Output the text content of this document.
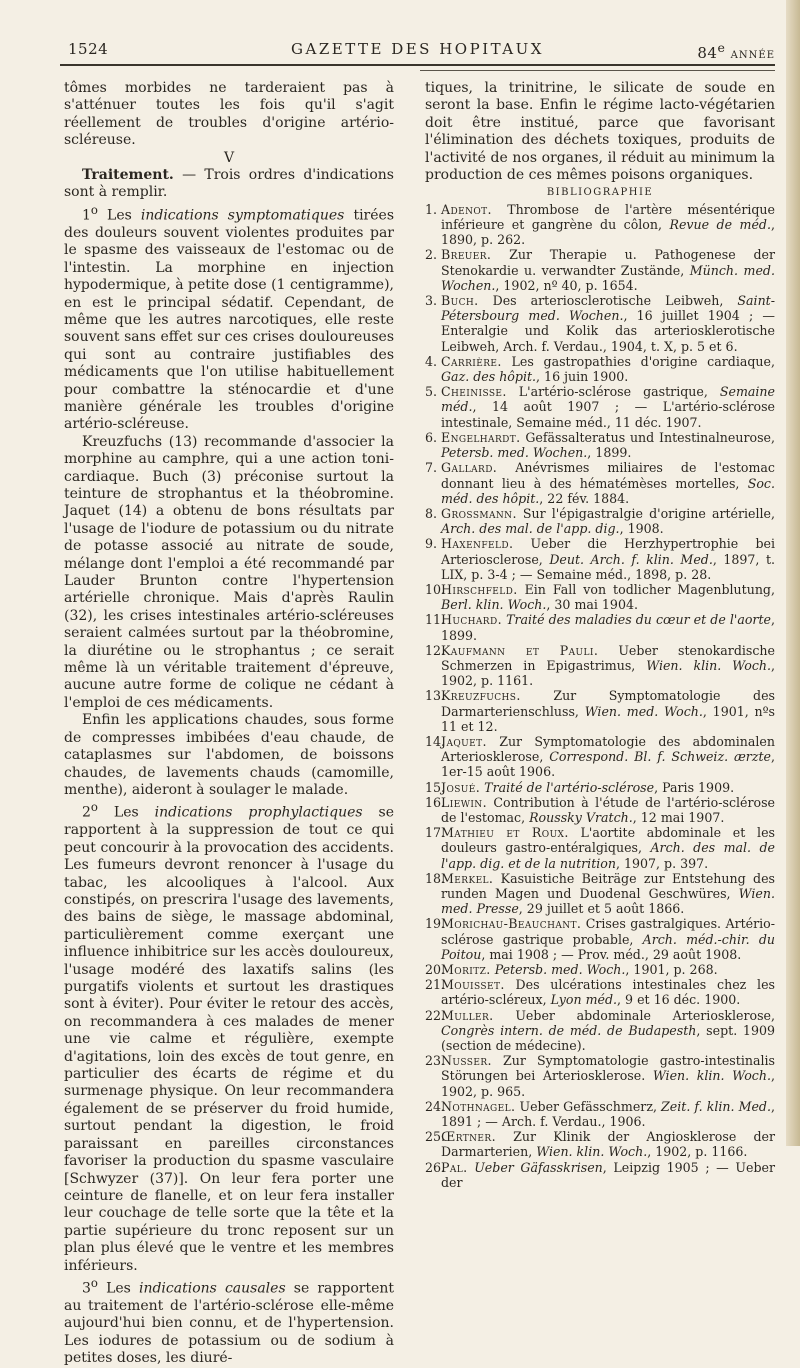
1524	GAZETTE DES HOPITAUX	84e ANNÉE

tômes morbides ne tarderaient pas à s'atténuer toutes les fois qu'il s'agit réellement de troubles d'origine artério-scléreuse.

V

Traitement. — Trois ordres d'indications sont à remplir.

1$^o$ Les indications symptomatiques tirées des douleurs souvent violentes produites par le spasme des vaisseaux de l'estomac ou de l'intestin. La morphine en injection hypodermique, à petite dose (1 centigramme), en est le principal sédatif. Cependant, de même que les autres narcotiques, elle reste souvent sans effet sur ces crises douloureuses qui sont au contraire justifiables des médicaments que l'on utilise habituellement pour combattre la sténocardie et d'une manière générale les troubles d'origine artério-scléreuse.

Kreuzfuchs (13) recommande d'associer la morphine au camphre, qui a une action toni-cardiaque. Buch (3) préconise surtout la teinture de strophantus et la théobromine. Jaquet (14) a obtenu de bons résultats par l'usage de l'iodure de potassium ou du nitrate de potasse associé au nitrate de soude, mélange dont l'emploi a été recommandé par Lauder Brunton contre l'hypertension artérielle chronique. Mais d'après Raulin (32), les crises intestinales artério-scléreuses seraient calmées surtout par la théobromine, la diurétine ou le strophantus ; ce serait même là un véritable traitement d'épreuve, aucune autre forme de colique ne cédant à l'emploi de ces médicaments.

Enfin les applications chaudes, sous forme de compresses imbibées d'eau chaude, de cataplasmes sur l'abdomen, de boissons chaudes, de lavements chauds (camomille, menthe), aideront à soulager le malade.

2$^o$ Les indications prophylactiques se rapportent à la suppression de tout ce qui peut concourir à la provocation des accidents. Les fumeurs devront renoncer à l'usage du tabac, les alcooliques à l'alcool. Aux constipés, on prescrira l'usage des lavements, des bains de siège, le massage abdominal, particulièrement comme exerçant une influence inhibitrice sur les accès douloureux, l'usage modéré des laxatifs salins (les purgatifs violents et surtout les drastiques sont à éviter). Pour éviter le retour des accès, on recommandera à ces malades de mener une vie calme et régulière, exempte d'agitations, loin des excès de tout genre, en particulier des écarts de régime et du surmenage physique. On leur recommandera également de se préserver du froid humide, surtout pendant la digestion, le froid paraissant en pareilles circonstances favoriser la production du spasme vasculaire [Schwyzer (37)]. On leur fera porter une ceinture de flanelle, et on leur fera installer leur couchage de telle sorte que la tête et la partie supérieure du tronc reposent sur un plan plus élevé que le ventre et les membres inférieurs.

3$^o$ Les indications causales se rapportent au traitement de l'artério-sclérose elle-même aujourd'hui bien connu, et de l'hypertension. Les iodures de potassium ou de sodium à petites doses, les diuré-

tiques, la trinitrine, le silicate de soude en seront la base. Enfin le régime lacto-végétarien doit être institué, parce que favorisant l'élimination des déchets toxiques, produits de l'activité de nos organes, il réduit au minimum la production de ces mêmes poisons organiques.

BIBLIOGRAPHIE

1. Adenot. Thrombose de l'artère mésentérique inférieure et gangrène du côlon, Revue de méd., 1890, p. 262.

2. Breuer. Zur Therapie u. Pathogenese der Stenokardie u. verwandter Zustände, Münch. med. Wochen., 1902, nº 40, p. 1654.

3. Buch. Des arteriosclerotische Leibweh, Saint-Pétersbourg med. Wochen., 16 juillet 1904 ; — Enteralgie und Kolik das arteriosklerotische Leibweh, Arch. f. Verdau., 1904, t. X, p. 5 et 6.

4. Carrière. Les gastropathies d'origine cardiaque, Gaz. des hôpit., 16 juin 1900.

5. Cheinisse. L'artério-sclérose gastrique, Semaine méd., 14 août 1907 ; — L'artério-sclérose intestinale, Semaine méd., 11 déc. 1907.

6. Engelhardt. Gefässalteratus und Intestinalneurose, Petersb. med. Wochen., 1899.

7. Gallard. Anévrismes miliaires de l'estomac donnant lieu à des hématémèses mortelles, Soc. méd. des hôpit., 22 fév. 1884.

8. Grossmann. Sur l'épigastralgie d'origine artérielle, Arch. des mal. de l'app. dig., 1908.

9. Haxenfeld. Ueber die Herzhypertrophie bei Arteriosclerose, Deut. Arch. f. klin. Med., 1897, t. LIX, p. 3-4 ; — Semaine méd., 1898, p. 28.

10.Hirschfeld. Ein Fall von todlicher Magenblutung, Berl. klin. Woch., 30 mai 1904.

11.Huchard. Traité des maladies du cœur et de l'aorte, 1899.

12.Kaufmann et Pauli. Ueber stenokardische Schmerzen in Epigastrimus, Wien. klin. Woch., 1902, p. 1161.

13.Kreuzfuchs. Zur Symptomatologie des Darmarterienschluss, Wien. med. Woch., 1901, nºs 11 et 12.

14.Jaquet. Zur Symptomatologie des abdominalen Arteriosklerose, Correspond. Bl. f. Schweiz. ærzte, 1er-15 août 1906.

15.Josué. Traité de l'artério-sclérose, Paris 1909.

16.Liewin. Contribution à l'étude de l'artério-sclérose de l'estomac, Roussky Vratch., 12 mai 1907.

17.Mathieu et Roux. L'aortite abdominale et les douleurs gastro-entéralgiques, Arch. des mal. de l'app. dig. et de la nutrition, 1907, p. 397.

18.Merkel. Kasuistiche Beiträge zur Entstehung des runden Magen und Duodenal Geschwüres, Wien. med. Presse, 29 juillet et 5 août 1866.

19.Morichau-Beauchant. Crises gastralgiques. Artério-sclérose gastrique probable, Arch. méd.-chir. du Poitou, mai 1908 ; — Prov. méd., 29 août 1908.

20.Moritz. Petersb. med. Woch., 1901, p. 268.

21.Mouisset. Des ulcérations intestinales chez les artério-scléreux, Lyon méd., 9 et 16 déc. 1900.

22.Muller. Ueber abdominale Arteriosklerose, Congrès intern. de méd. de Budapesth, sept. 1909 (section de médecine).

23.Nusser. Zur Symptomatologie gastro-intestinalis Störungen bei Arteriosklerose. Wien. klin. Woch., 1902, p. 965.

24.Nothnagel. Ueber Gefässchmerz, Zeit. f. klin. Med., 1891 ; — Arch. f. Verdau., 1906.

25.Œrtner. Zur Klinik der Angiosklerose der Darmarterien, Wien. klin. Woch., 1902, p. 1166.

26.Pal. Ueber Gäfasskrisen, Leipzig 1905 ; — Ueber der
